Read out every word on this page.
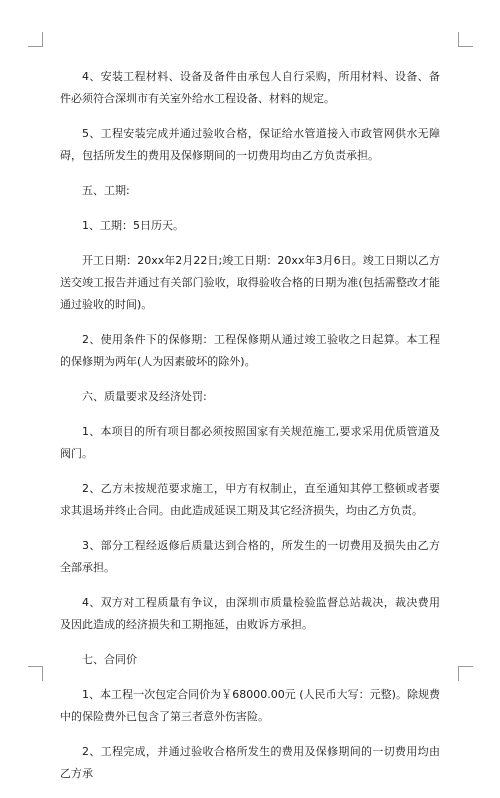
4、安装工程材料、设备及备件由承包人自行采购，所用材料、设备、备件必须符合深圳市有关室外给水工程设备、材料的规定。

5、工程安装完成并通过验收合格，保证给水管道接入市政管网供水无障碍，包括所发生的费用及保修期间的一切费用均由乙方负责承担。

五、工期:

1、工期：5日历天。

开工日期：20xx年2月22日;竣工日期：20xx年3月6日。竣工日期以乙方送交竣工报告并通过有关部门验收，取得验收合格的日期为准(包括需整改才能通过验收的时间)。

2、使用条件下的保修期：工程保修期从通过竣工验收之日起算。本工程的保修期为两年(人为因素破坏的除外)。

六、质量要求及经济处罚:

1、本项目的所有项目都必须按照国家有关规范施工,要求采用优质管道及阀门。

2、乙方未按规范要求施工，甲方有权制止，直至通知其停工整顿或者要求其退场并终止合同。由此造成延误工期及其它经济损失，均由乙方负责。

3、部分工程经返修后质量达到合格的，所发生的一切费用及损失由乙方全部承担。

4、双方对工程质量有争议，由深圳市质量检验监督总站裁决，裁决费用及因此造成的经济损失和工期拖延，由败诉方承担。

七、合同价

1、本工程一次包定合同价为￥68000.00元 (人民币大写：元整)。除规费中的保险费外已包含了第三者意外伤害险。

2、工程完成，并通过验收合格所发生的费用及保修期间的一切费用均由乙方承
